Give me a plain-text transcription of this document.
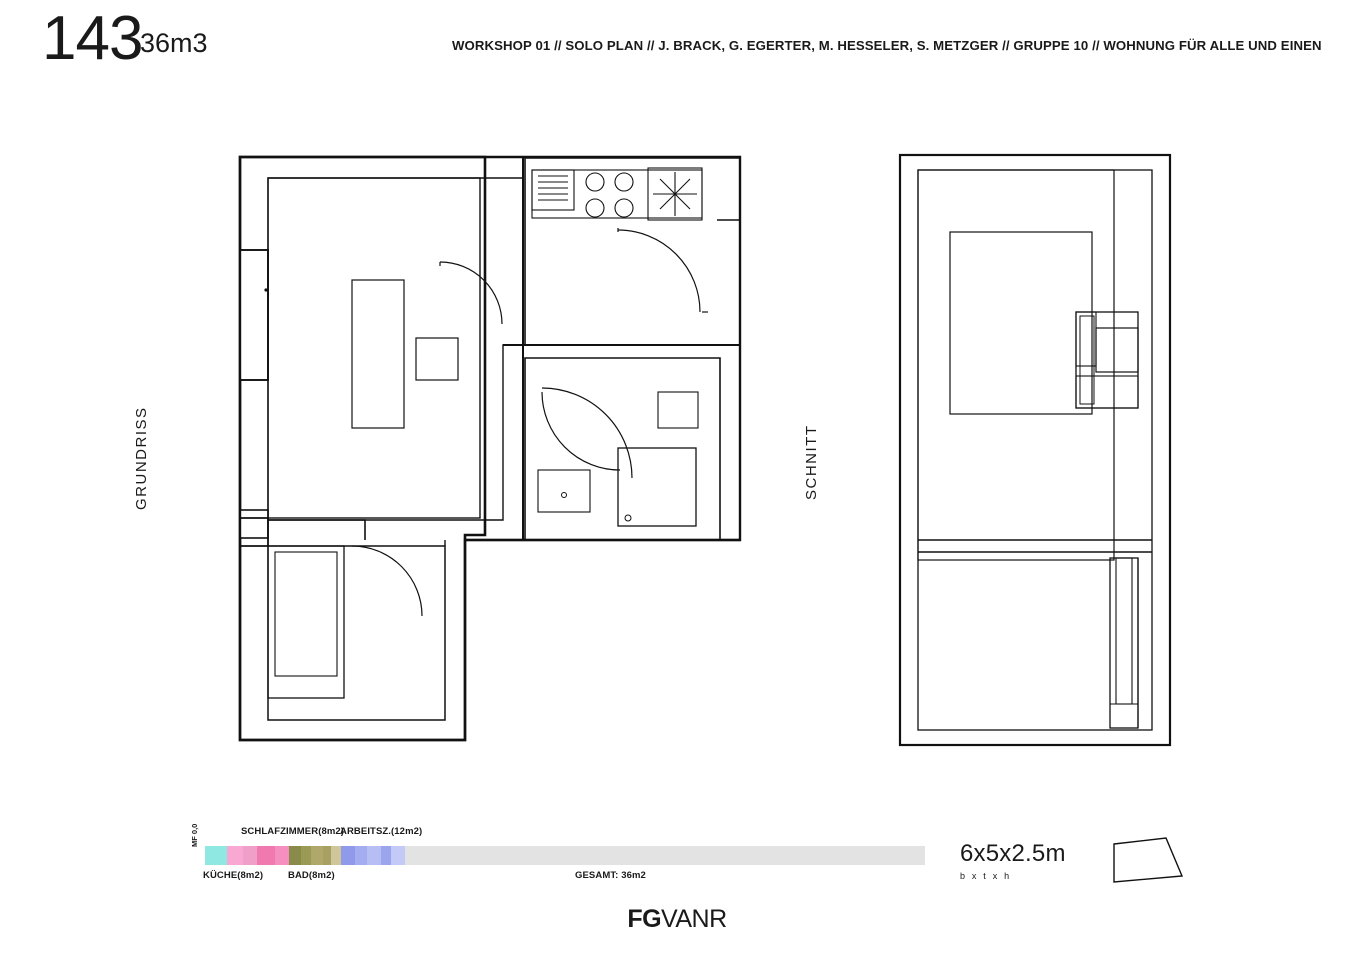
143
36m3	WORKSHOP 01 // SOLO PLAN // J. BRACK, G. EGERTER, M. HESSELER, S. METZGER // GRUPPE 10 // WOHNUNG FÜR ALLE UND EINEN
GRUNDRISS	SCHNITT
MF 0,0
KÜCHE(8m2)
SCHLAFZIMMER(8m2)
ARBEITSZ.(12m2)
BAD(8m2)	GESAMT: 36m2
6x5x2.5m
b x t x h
FGVANR
